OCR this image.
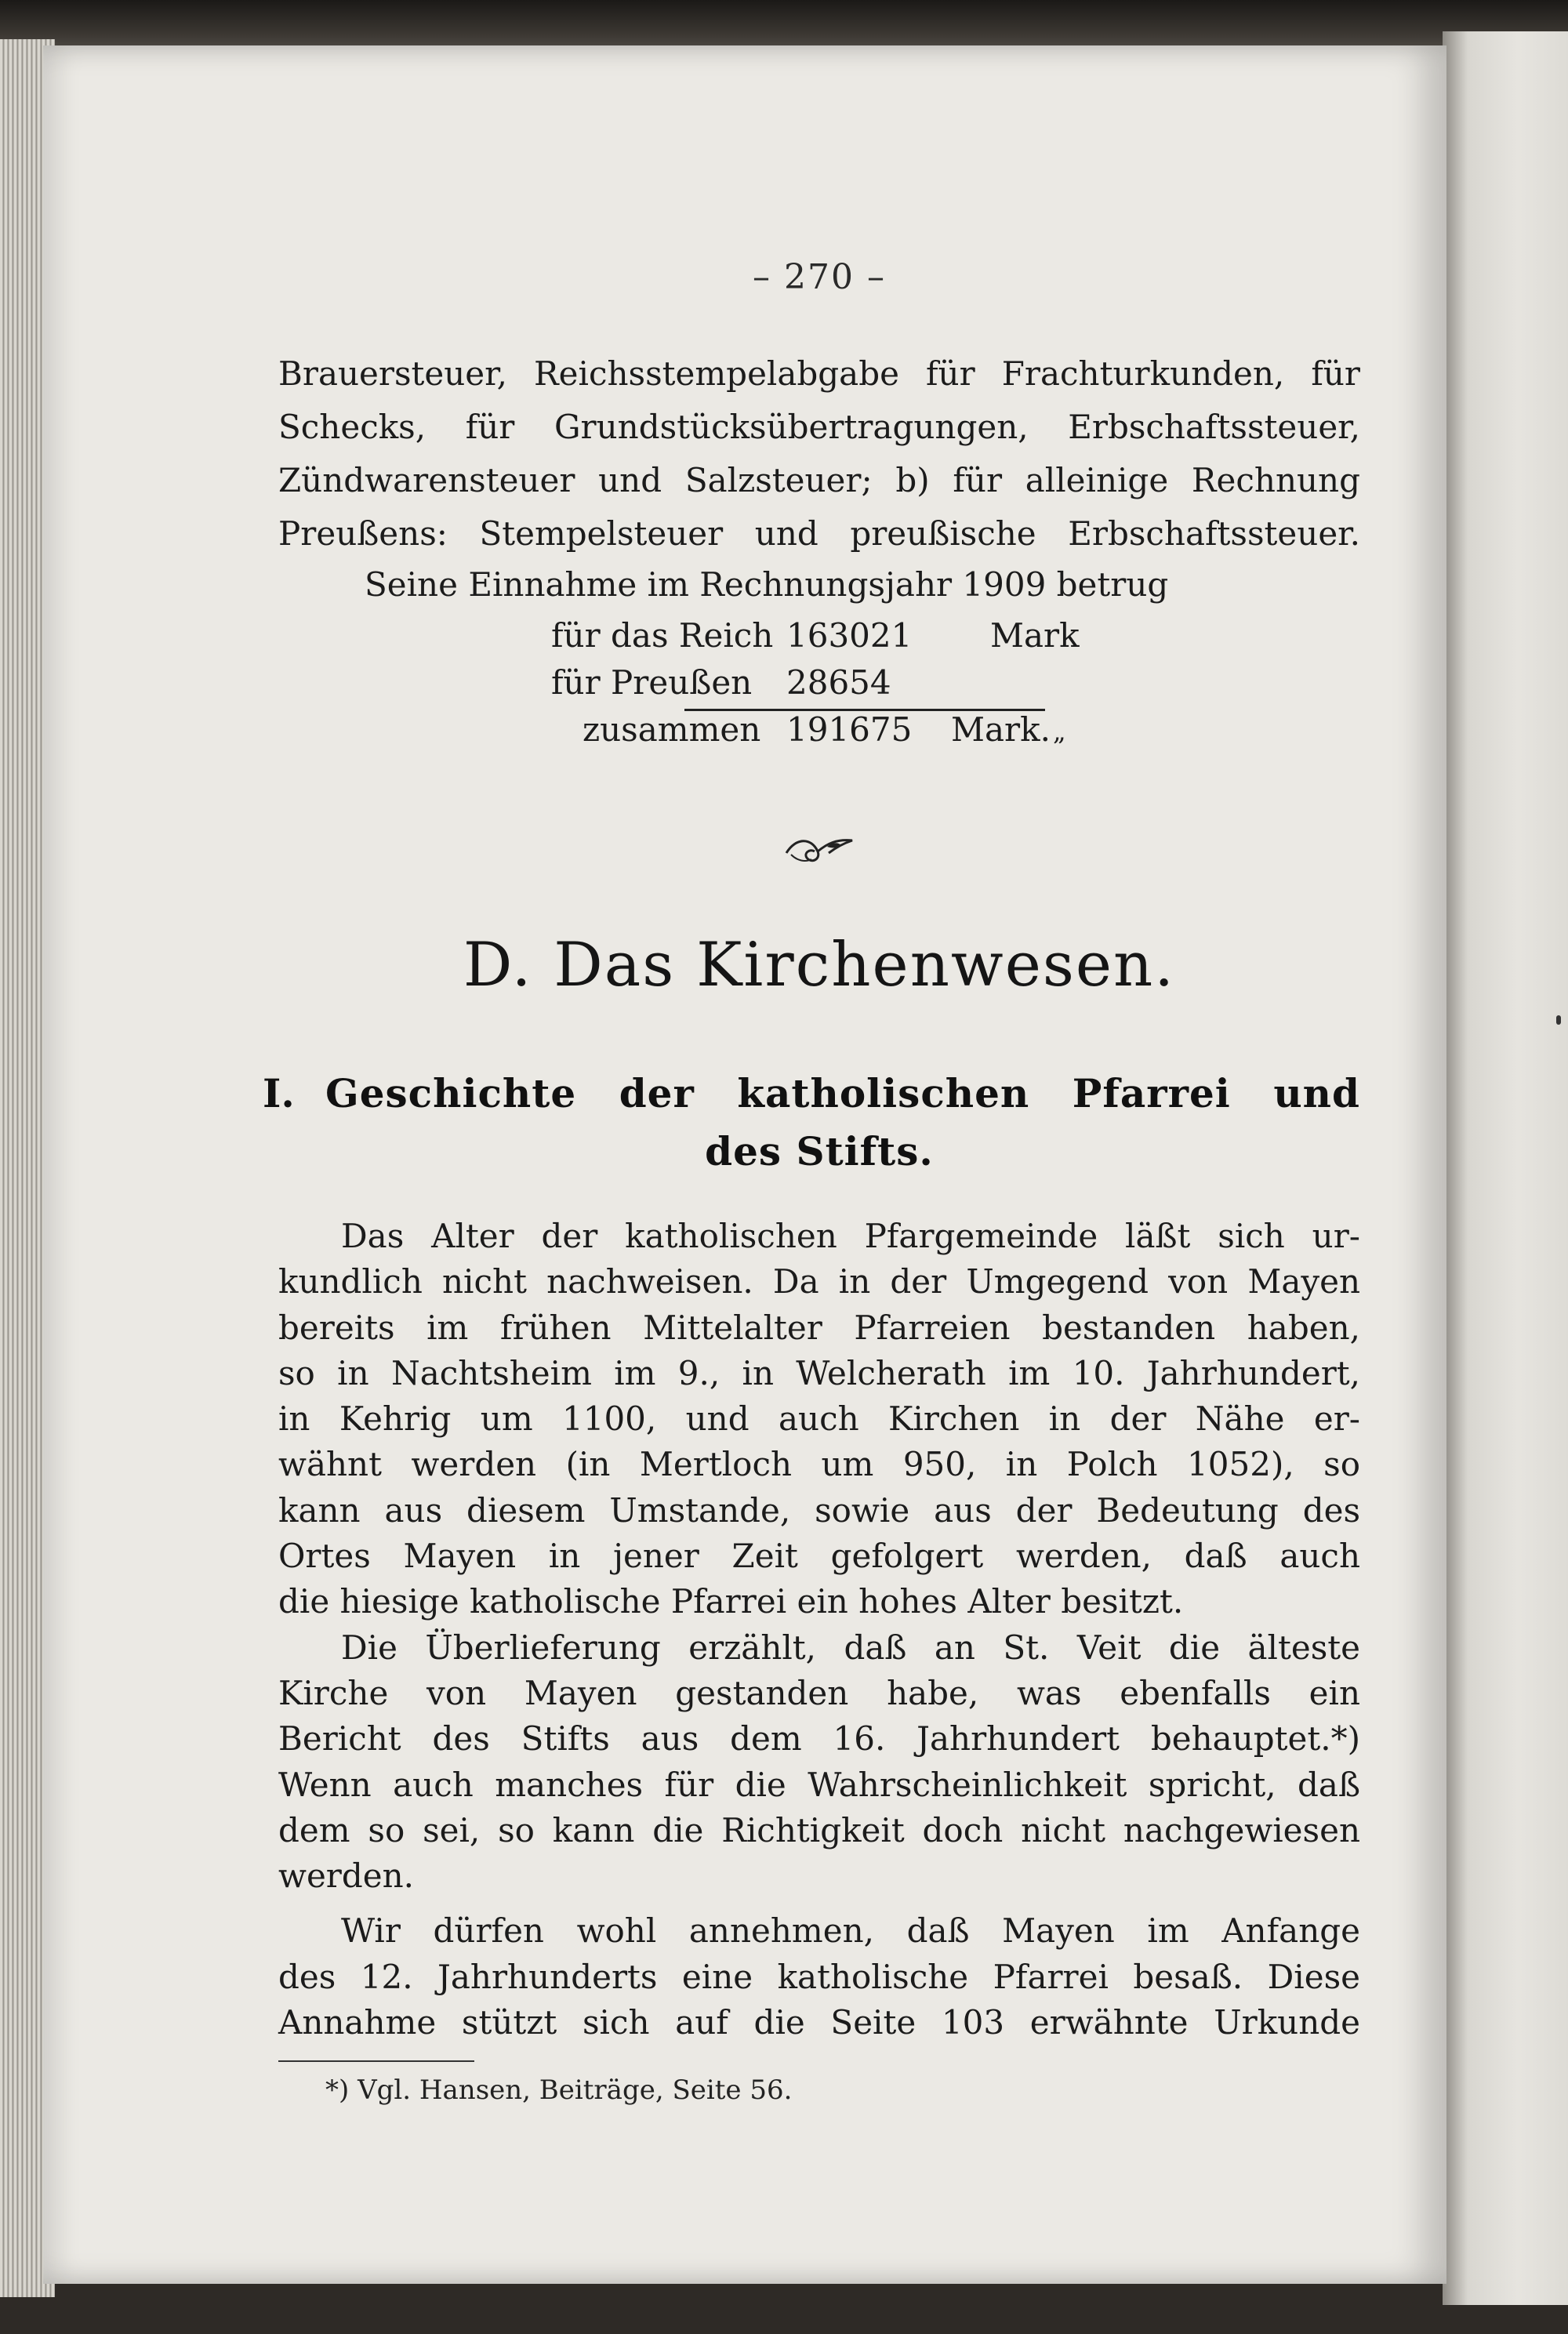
– 270 –
Brauersteuer, Reichsstempelabgabe für Frachturkunden, für
Schecks, für Grundstücksübertragungen, Erbschaftssteuer,
Zündwarensteuer und Salzsteuer; b) für alleinige Rechnung
Preußens: Stempelsteuer und preußische Erbschaftssteuer.
Seine Einnahme im Rechnungsjahr 1909 betrug
für das Reich 163021 Mark
für Preußen 28654
„
zusammen 191675 Mark.
D. Das Kirchenwesen.
I. Geschichte der katholischen Pfarrei und
des Stifts.
Das Alter der katholischen Pfargemeinde läßt sich ur-
kundlich nicht nachweisen. Da in der Umgegend von Mayen
bereits im frühen Mittelalter Pfarreien bestanden haben,
so in Nachtsheim im 9., in Welcherath im 10. Jahrhundert,
in Kehrig um 1100, und auch Kirchen in der Nähe er-
wähnt werden (in Mertloch um 950, in Polch 1052), so
kann aus diesem Umstande, sowie aus der Bedeutung des
Ortes Mayen in jener Zeit gefolgert werden, daß auch
die hiesige katholische Pfarrei ein hohes Alter besitzt.
Die Überlieferung erzählt, daß an St. Veit die älteste
Kirche von Mayen gestanden habe, was ebenfalls ein
Bericht des Stifts aus dem 16. Jahrhundert behauptet.*)
Wenn auch manches für die Wahrscheinlichkeit spricht, daß
dem so sei, so kann die Richtigkeit doch nicht nachgewiesen
werden.
Wir dürfen wohl annehmen, daß Mayen im Anfange
des 12. Jahrhunderts eine katholische Pfarrei besaß. Diese
Annahme stützt sich auf die Seite 103 erwähnte Urkunde
*) Vgl. Hansen, Beiträge, Seite 56.
